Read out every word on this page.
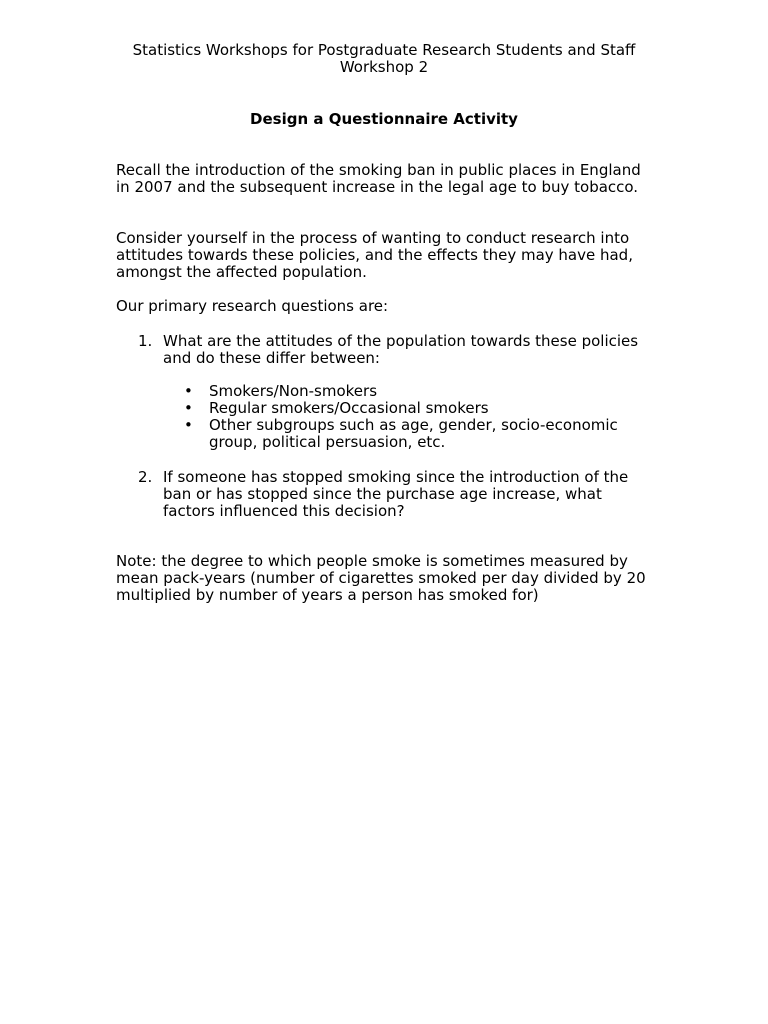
Statistics Workshops for Postgraduate Research Students and Staff
Workshop 2
Design a Questionnaire Activity

Recall the introduction of the smoking ban in public places in England in 2007 and the subsequent increase in the legal age to buy tobacco.

Consider yourself in the process of wanting to conduct research into attitudes towards these policies, and the effects they may have had, amongst the affected population.

Our primary research questions are:

1. What are the attitudes of the population towards these policies and do these differ between:
• Smokers/Non-smokers
• Regular smokers/Occasional smokers
• Other subgroups such as age, gender, socio-economic group, political persuasion, etc.
2. If someone has stopped smoking since the introduction of the ban or has stopped since the purchase age increase, what factors influenced this decision?

Note: the degree to which people smoke is sometimes measured by mean pack-years (number of cigarettes smoked per day divided by 20 multiplied by number of years a person has smoked for)
